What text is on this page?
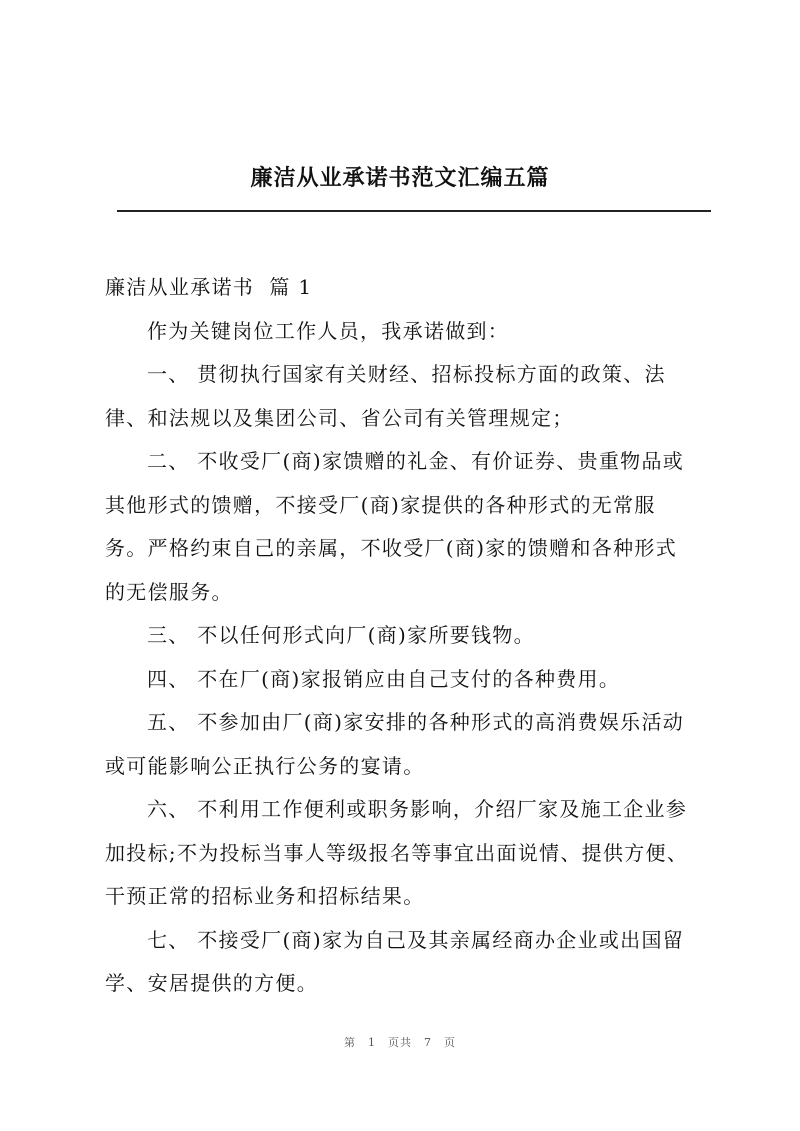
廉洁从业承诺书范文汇编五篇

廉洁从业承诺书  篇 1

作为关键岗位工作人员，我承诺做到：

一、 贯彻执行国家有关财经、招标投标方面的政策、法律、和法规以及集团公司、省公司有关管理规定；

二、 不收受厂(商)家馈赠的礼金、有价证券、贵重物品或其他形式的馈赠，不接受厂(商)家提供的各种形式的无常服务。严格约束自己的亲属，不收受厂(商)家的馈赠和各种形式的无偿服务。

三、 不以任何形式向厂(商)家所要钱物。

四、 不在厂(商)家报销应由自己支付的各种费用。

五、 不参加由厂(商)家安排的各种形式的高消费娱乐活动或可能影响公正执行公务的宴请。

六、 不利用工作便利或职务影响，介绍厂家及施工企业参加投标;不为投标当事人等级报名等事宜出面说情、提供方便、干预正常的招标业务和招标结果。

七、 不接受厂(商)家为自己及其亲属经商办企业或出国留学、安居提供的方便。

第 1 页共 7 页
